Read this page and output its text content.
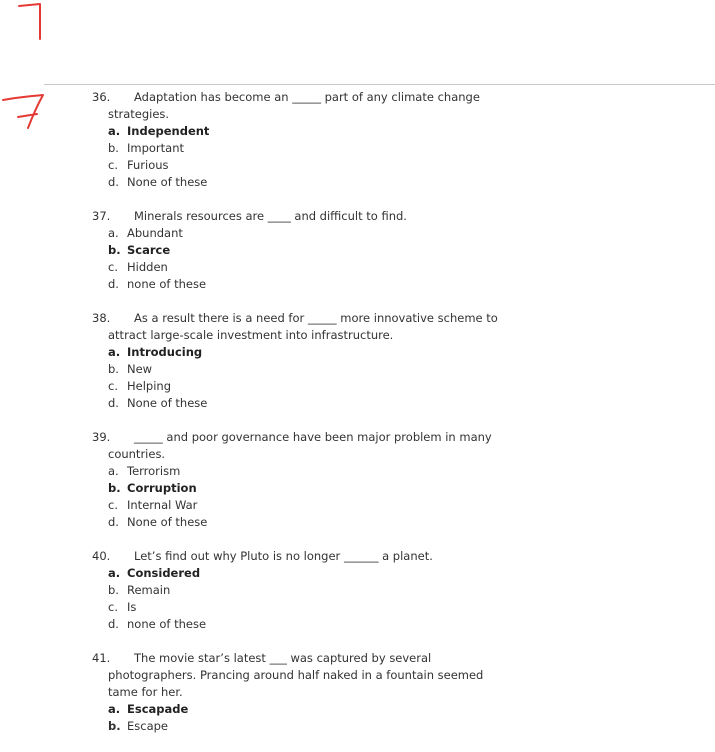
36. Adaptation has become an _____ part of any climate change
strategies.
a. Independent
b. Important
c. Furious
d. None of these
37. Minerals resources are ____ and difficult to find.
a. Abundant
b. Scarce
c. Hidden
d. none of these
38. As a result there is a need for _____ more innovative scheme to
attract large-scale investment into infrastructure.
a. Introducing
b. New
c. Helping
d. None of these
39. _____ and poor governance have been major problem in many
countries.
a. Terrorism
b. Corruption
c. Internal War
d. None of these
40. Let’s find out why Pluto is no longer ______ a planet.
a. Considered
b. Remain
c. Is
d. none of these
41. The movie star’s latest ___ was captured by several
photographers. Prancing around half naked in a fountain seemed
tame for her.
a. Escapade
b. Escape
